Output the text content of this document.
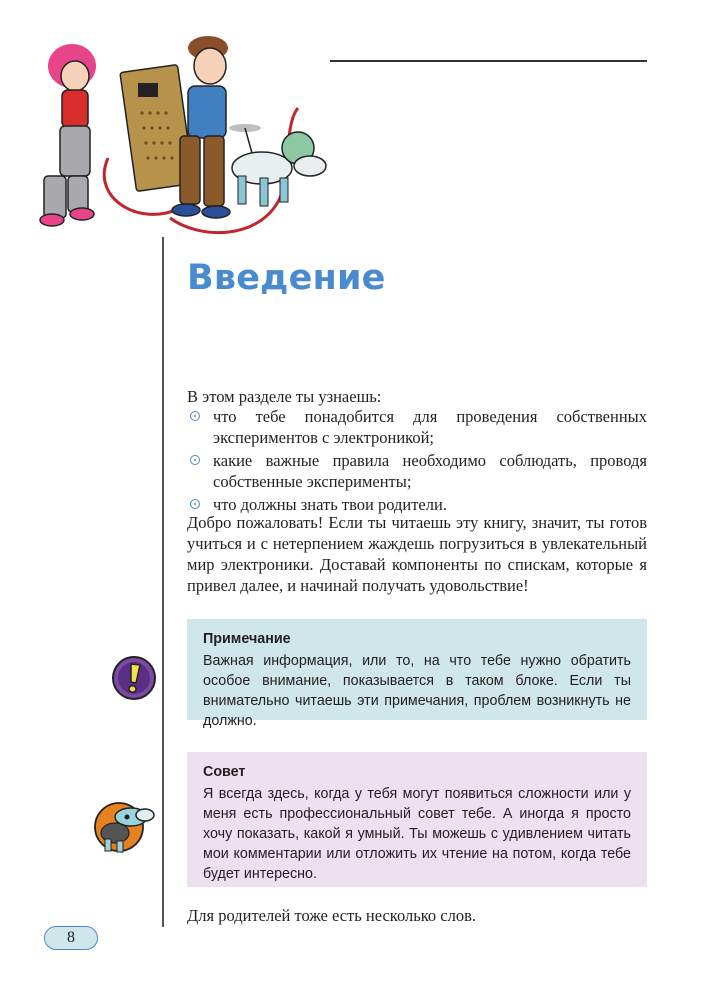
Введение
В этом разделе ты узнаешь:
что тебе понадобится для проведения собственных экспериментов с электроникой;
какие важные правила необходимо соблюдать, проводя собственные эксперименты;
что должны знать твои родители.
Добро пожаловать! Если ты читаешь эту книгу, значит, ты готов учиться и с нетерпением жаждешь погрузиться в увлекательный мир электроники. Доставай компоненты по спискам, которые я привел далее, и начинай получать удовольствие!
Примечание
Важная информация, или то, на что тебе нужно обратить особое внимание, показывается в таком блоке. Если ты внимательно читаешь эти примечания, проблем возникнуть не должно.
Совет
Я всегда здесь, когда у тебя могут появиться сложности или у меня есть профессиональный совет тебе. А иногда я просто хочу показать, какой я умный. Ты можешь с удивлением читать мои комментарии или отложить их чтение на потом, когда тебе будет интересно.
Для родителей тоже есть несколько слов.
8
